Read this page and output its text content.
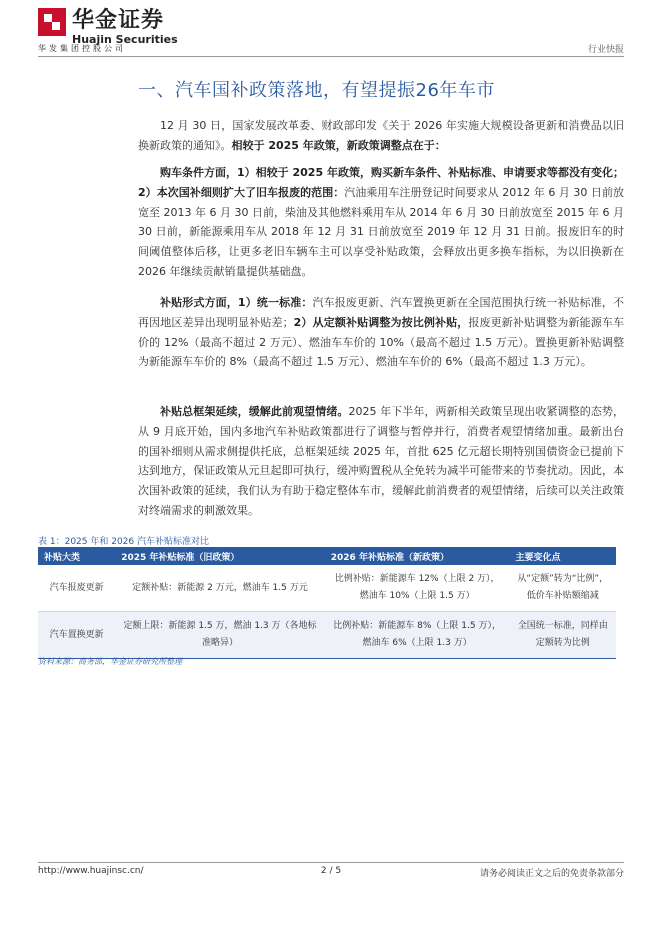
华金证券
Huajin Securities
华发集团控股公司	行业快报
一、汽车国补政策落地，有望提振26年车市

12 月 30 日，国家发展改革委、财政部印发《关于 2026 年实施大规模设备更新和消费品以旧换新政策的通知》。相较于 2025 年政策，新政策调整点在于：

购车条件方面，1）相较于 2025 年政策，购买新车条件、补贴标准、申请要求等都没有变化；2）本次国补细则扩大了旧车报废的范围：汽油乘用车注册登记时间要求从 2012 年 6 月 30 日前放宽至 2013 年 6 月 30 日前，柴油及其他燃料乘用车从 2014 年 6 月 30 日前放宽至 2015 年 6 月 30 日前，新能源乘用车从 2018 年 12 月 31 日前放宽至 2019 年 12 月 31 日前。报废旧车的时间阈值整体后移，让更多老旧车辆车主可以享受补贴政策，会释放出更多换车指标，为以旧换新在 2026 年继续贡献销量提供基础盘。

补贴形式方面，1）统一标准：汽车报废更新、汽车置换更新在全国范围执行统一补贴标准，不再因地区差异出现明显补贴差；2）从定额补贴调整为按比例补贴，报废更新补贴调整为新能源车车价的 12%（最高不超过 2 万元）、燃油车车价的 10%（最高不超过 1.5 万元）。置换更新补贴调整为新能源车车价的 8%（最高不超过 1.5 万元）、燃油车车价的 6%（最高不超过 1.3 万元）。

补贴总框架延续，缓解此前观望情绪。2025 年下半年，两新相关政策呈现出收紧调整的态势，从 9 月底开始，国内多地汽车补贴政策都进行了调整与暂停并行，消费者观望情绪加重。最新出台的国补细则从需求侧提供托底，总框架延续 2025 年，首批 625 亿元超长期特别国债资金已提前下达到地方，保证政策从元旦起即可执行，缓冲购置税从全免转为减半可能带来的节奏扰动。因此，本次国补政策的延续，我们认为有助于稳定整体车市，缓解此前消费者的观望情绪，后续可以关注政策对终端需求的刺激效果。

表 1：2025 年和 2026 汽车补贴标准对比
补贴大类	2025 年补贴标准（旧政策）	2026 年补贴标准（新政策）	主要变化点
汽车报废更新	定额补贴：新能源 2 万元，燃油车 1.5 万元	比例补贴：新能源车 12%（上限 2 万），燃油车 10%（上限 1.5 万）	从“定额”转为“比例”，低价车补贴额缩减
汽车置换更新	定额上限：新能源 1.5 万，燃油 1.3 万（各地标准略异）	比例补贴：新能源车 8%（上限 1.5 万），燃油车 6%（上限 1.3 万）	全国统一标准，同样由定额转为比例
资料来源：商务部，华金证券研究所整理
http://www.huajinsc.cn/	2 / 5	请务必阅读正文之后的免责条款部分
